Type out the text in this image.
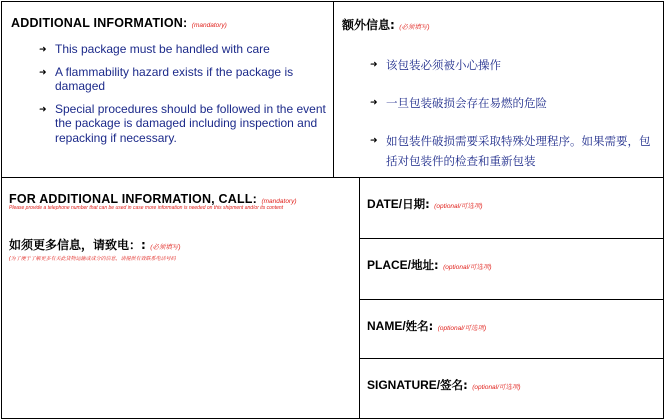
ADDITIONAL INFORMATION: (mandatory)	额外信息: (必须填写)
FOR ADDITIONAL INFORMATION, CALL: (mandatory)
Please provide a telephone number that can be used in case more information is needed on this shipment and/or its content
如须更多信息，请致电：: (必须填写)
(为了便于了解更多有关此货物运输或成分的信息，请提供有效联系电话号码
DATE/日期: (optional/可选项)
PLACE/地址: (optional/可选项)
NAME/姓名: (optional/可选项)
SIGNATURE/签名: (optional/可选项)
➜ This package must be handled with care
➜ A flammability hazard exists if the package is damaged
➜ Special procedures should be followed in the event the package is damaged including inspection and repacking if necessary.
➜ 该包装必须被小心操作
➜ 一旦包装破损会存在易燃的危险
➜ 如包装件破损需要采取特殊处理程序。如果需要，包括对包装件的检查和重新包装
